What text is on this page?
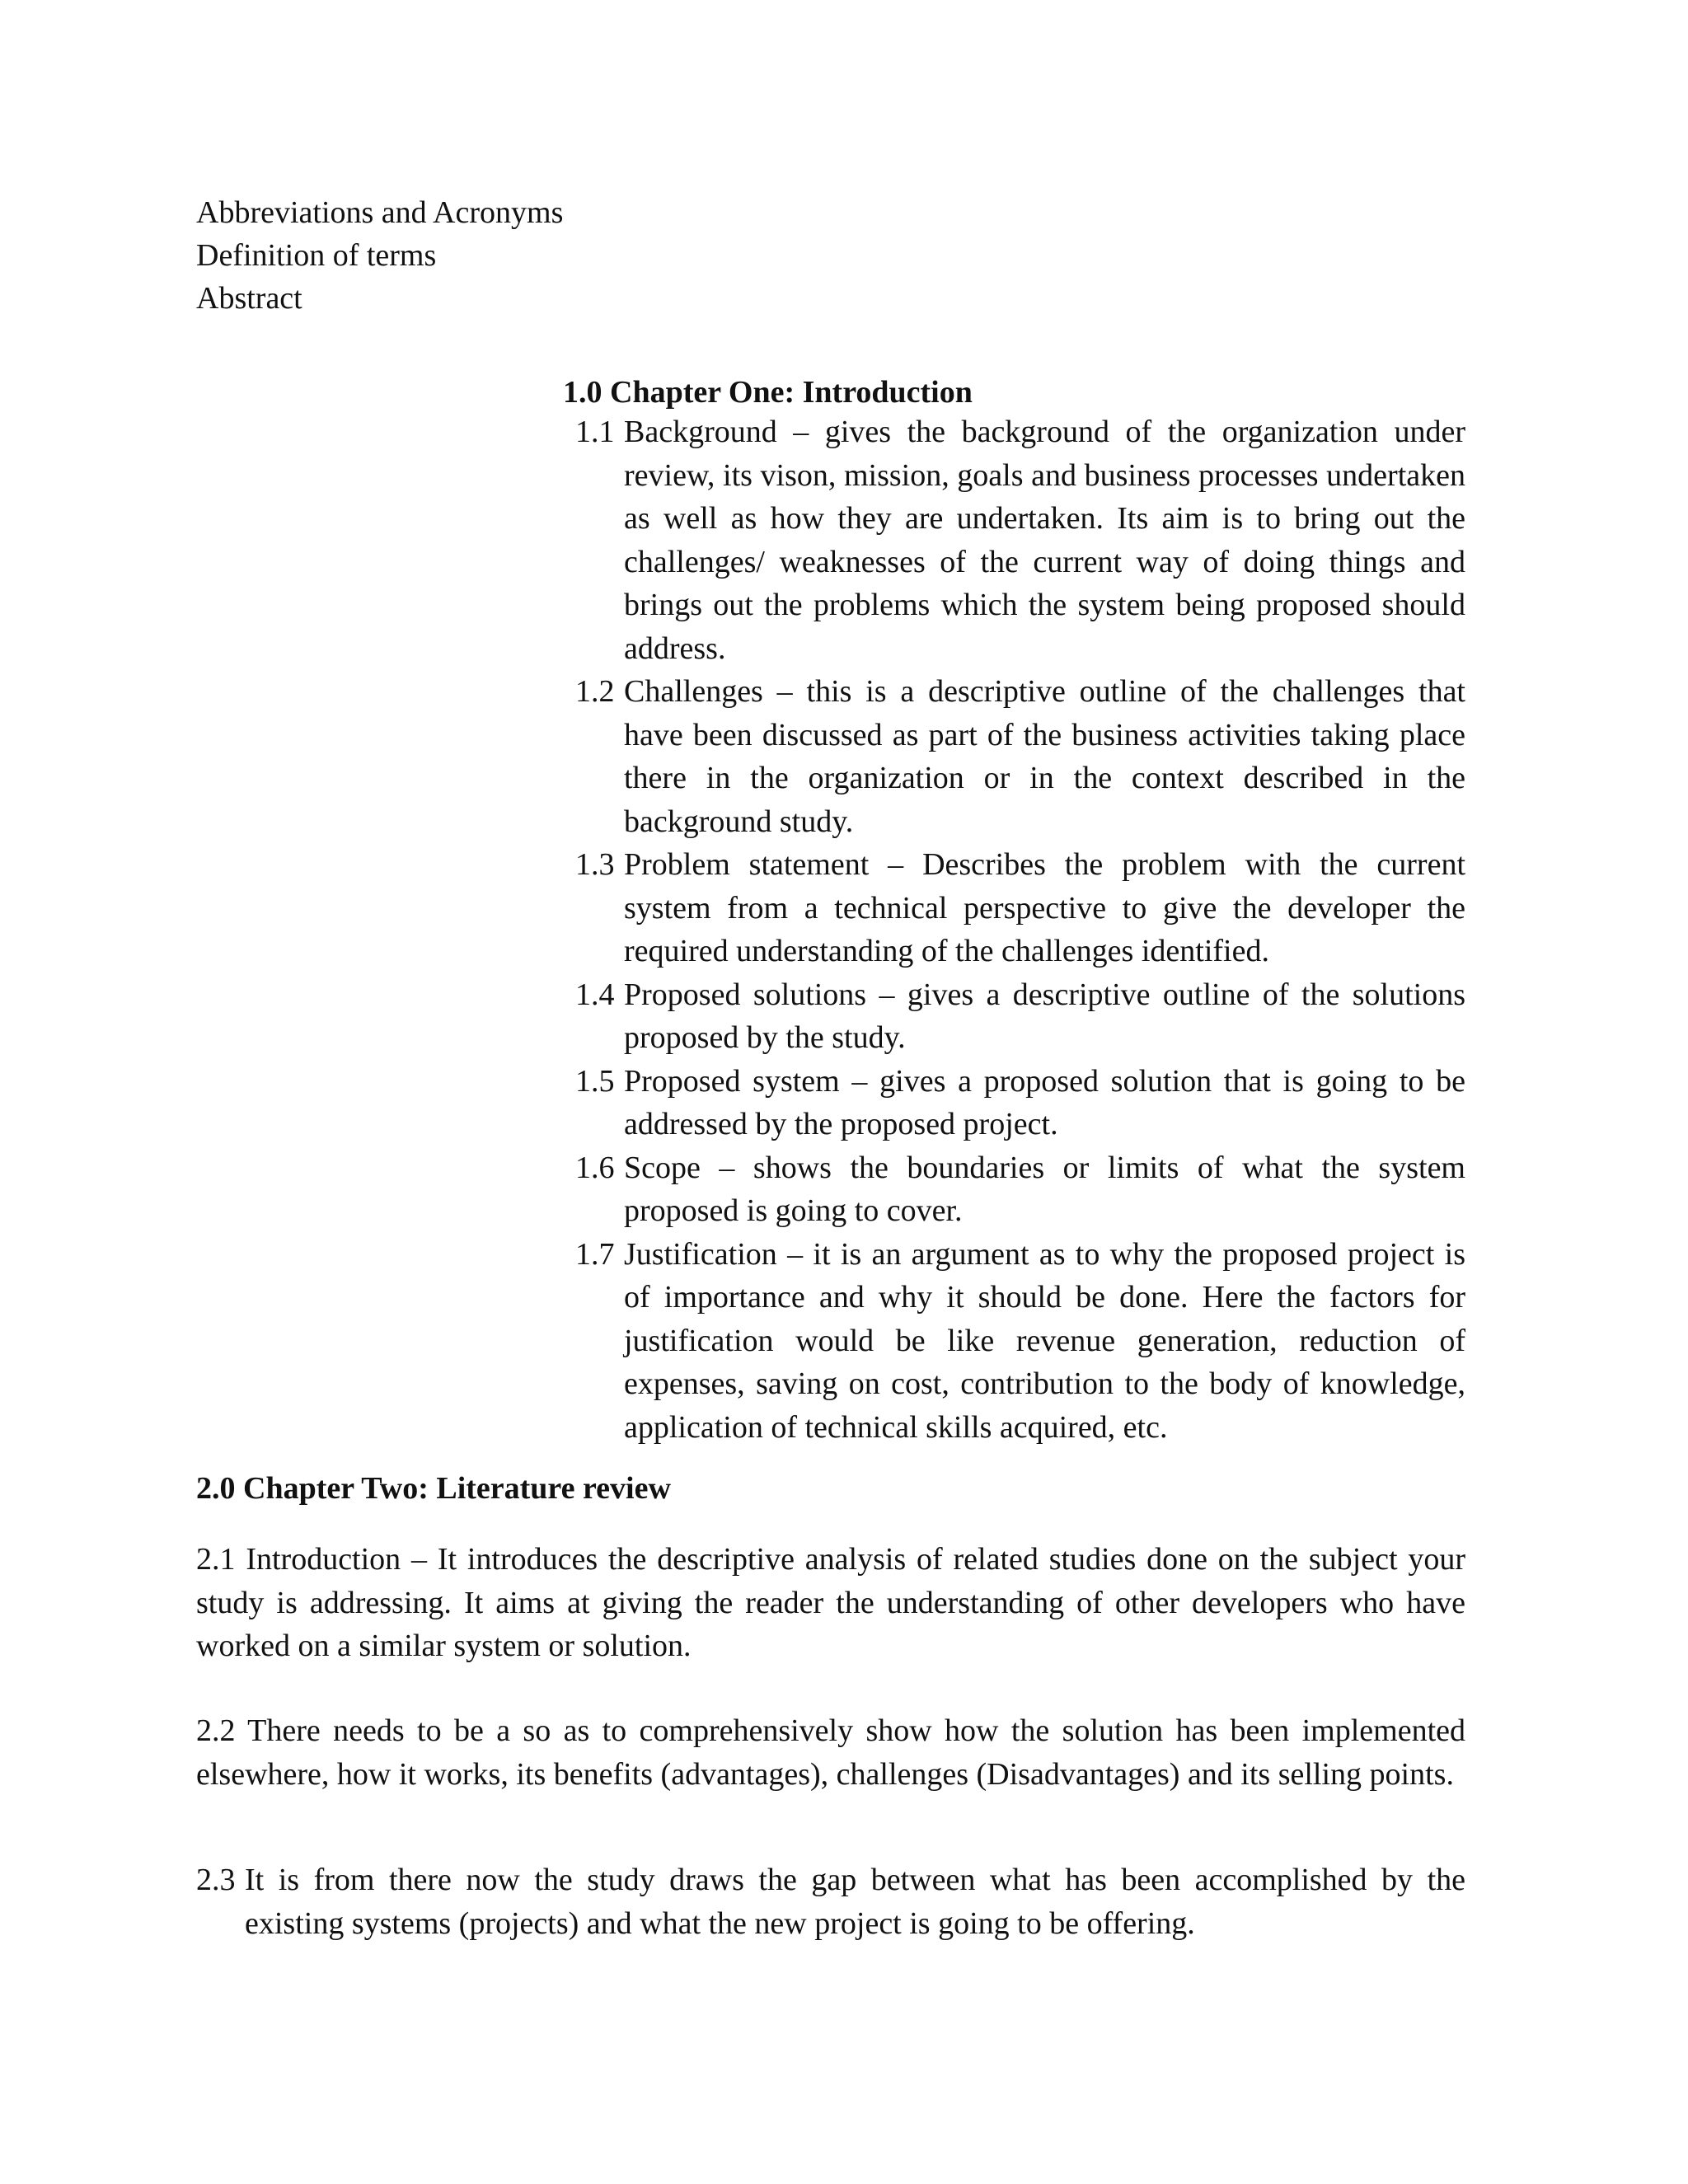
Abbreviations and Acronyms
Definition of terms
Abstract
1.0 Chapter One: Introduction
1.1 Background – gives the background of the organization under review, its vison, mission, goals and business processes undertaken as well as how they are undertaken. Its aim is to bring out the challenges/ weaknesses of the current way of doing things and brings out the problems which the system being proposed should address.
1.2 Challenges – this is a descriptive outline of the challenges that have been discussed as part of the business activities taking place there in the organization or in the context described in the background study.
1.3 Problem statement – Describes the problem with the current system from a technical perspective to give the developer the required understanding of the challenges identified.
1.4 Proposed solutions – gives a descriptive outline of the solutions proposed by the study.
1.5 Proposed system – gives a proposed solution that is going to be addressed by the proposed project.
1.6 Scope – shows the boundaries or limits of what the system proposed is going to cover.
1.7 Justification – it is an argument as to why the proposed project is of importance and why it should be done. Here the factors for justification would be like revenue generation, reduction of expenses, saving on cost, contribution to the body of knowledge, application of technical skills acquired, etc.
2.0 Chapter Two: Literature review
2.1 Introduction – It introduces the descriptive analysis of related studies done on the subject your study is addressing. It aims at giving the reader the understanding of other developers who have worked on a similar system or solution.
2.2 There needs to be a so as to comprehensively show how the solution has been implemented elsewhere, how it works, its benefits (advantages), challenges (Disadvantages) and its selling points.
2.3 It is from there now the study draws the gap between what has been accomplished by the existing systems (projects) and what the new project is going to be offering.
